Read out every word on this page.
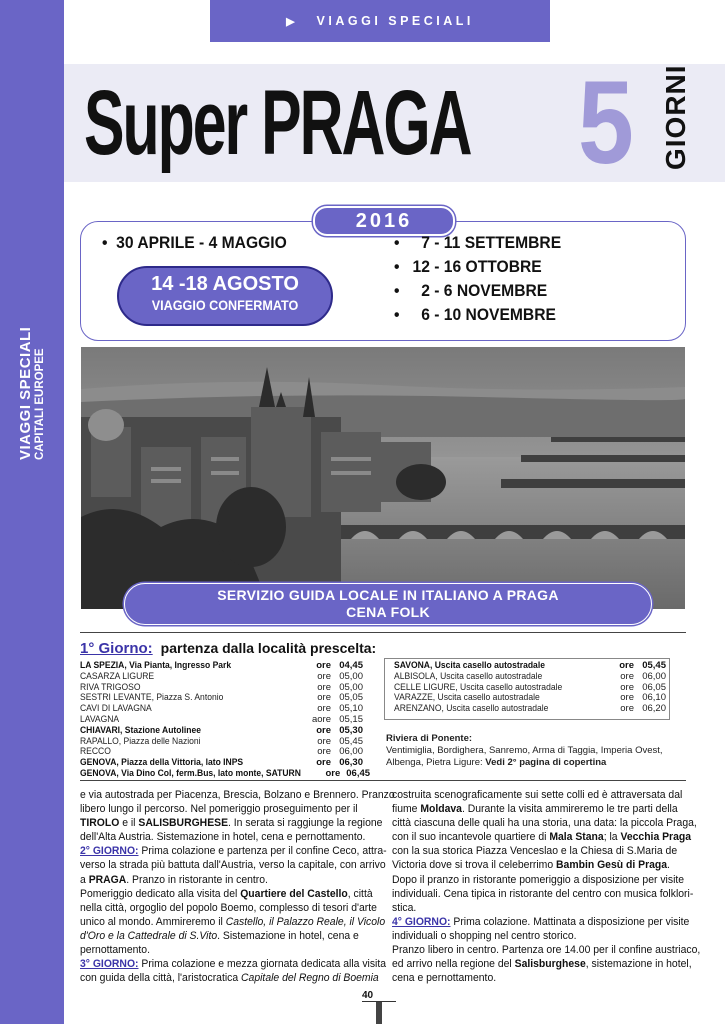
VIAGGI SPECIALI CAPITALI EUROPEE
▶ VIAGGI SPECIALI
Super PRAGA 5 GIORNI
2016
• 30 APRILE - 4 MAGGIO
14 -18 AGOSTO
VIAGGIO CONFERMATO
• 7 - 11 SETTEMBRE
• 12 - 16 OTTOBRE
• 2 - 6 NOVEMBRE
• 6 - 10 NOVEMBRE
SERVIZIO GUIDA LOCALE IN ITALIANO A PRAGA
CENA FOLK
1° Giorno: partenza dalla località prescelta:
LA SPEZIA, Via Pianta, Ingresso Park	ore 04,45
CASARZA LIGURE	ore 05,00
RIVA TRIGOSO	ore 05,00
SESTRI LEVANTE, Piazza S. Antonio	ore 05,05
CAVI DI LAVAGNA	ore 05,10
LAVAGNA	aore 05,15
CHIAVARI, Stazione Autolinee	ore 05,30
RAPALLO, Piazza delle Nazioni	ore 05,45
RECCO	ore 06,00
GENOVA, Piazza della Vittoria, lato INPS	ore 06,30
GENOVA, Via Dino Col, ferm.Bus, lato monte, SATURN	ore 06,45
SAVONA, Uscita casello autostradale	ore 05,45
ALBISOLA, Uscita casello autostradale	ore 06,00
CELLE LIGURE, Uscita casello autostradale	ore 06,05
VARAZZE, Uscita casello autostradale	ore 06,10
ARENZANO, Uscita casello autostradale	ore 06,20
Riviera di Ponente:
Ventimiglia, Bordighera, Sanremo, Arma di Taggia, Imperia Ovest,
Albenga, Pietra Ligure: Vedi 2° pagina di copertina
e via autostrada per Piacenza, Brescia, Bolzano e Brennero. Pranzo
libero lungo il percorso. Nel pomeriggio proseguimento per il
TIROLO e il SALISBURGHESE. In serata si raggiunge la regione
dell'Alta Austria. Sistemazione in hotel, cena e pernottamento.
2° GIORNO: Prima colazione e partenza per il confine Ceco, attra-
verso la strada più battuta dall'Austria, verso la capitale, con arrivo
a PRAGA. Pranzo in ristorante in centro.
Pomeriggio dedicato alla visita del Quartiere del Castello, città
nella città, orgoglio del popolo Boemo, complesso di tesori d'arte
unico al mondo. Ammireremo il Castello, il Palazzo Reale, il Vicolo
d'Oro e la Cattedrale di S.Vito. Sistemazione in hotel, cena e
pernottamento.
3° GIORNO: Prima colazione e mezza giornata dedicata alla visita
con guida della città, l'aristocratica Capitale del Regno di Boemia
costruita scenograficamente sui sette colli ed è attraversata dal
fiume Moldava. Durante la visita ammireremo le tre parti della
città ciascuna delle quali ha una storia, una data: la piccola Praga,
con il suo incantevole quartiere di Mala Stana; la Vecchia Praga
con la sua storica Piazza Venceslao e la Chiesa di S.Maria de
Victoria dove si trova il celeberrimo Bambin Gesù di Praga.
Dopo il pranzo in ristorante pomeriggio a disposizione per visite
individuali. Cena tipica in ristorante del centro con musica folklori-
stica.
4° GIORNO: Prima colazione. Mattinata a disposizione per visite
individuali o shopping nel centro storico.
Pranzo libero in centro. Partenza ore 14.00 per il confine austriaco,
ed arrivo nella regione del Salisburghese, sistemazione in hotel,
cena e pernottamento.
40
